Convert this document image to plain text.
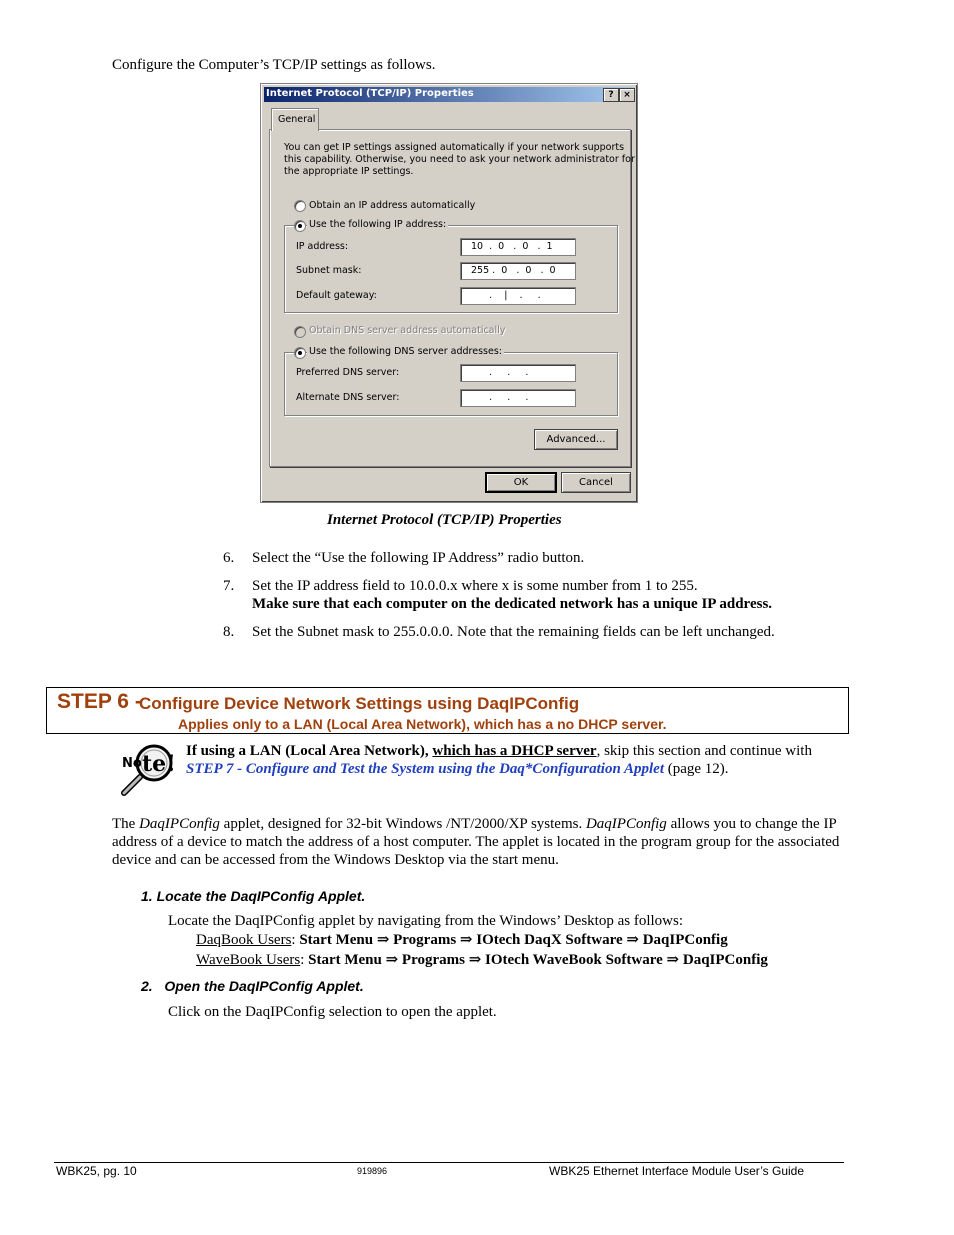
Configure the Computer’s TCP/IP settings as follows.
Internet Protocol (TCP/IP) Properties	?	×
General
You can get IP settings assigned automatically if your network supports
this capability. Otherwise, you need to ask your network administrator for
the appropriate IP settings.
Obtain an IP address automatically
Use the following IP address:
IP address:	10  .  0   .  0   .  1
Subnet mask:	255 .  0   .  0   .  0
Default gateway:	.    |    .     .
Obtain DNS server address automatically
Use the following DNS server addresses:
Preferred DNS server:	.     .     .
Alternate DNS server:	.     .     .
Advanced...
OK	Cancel
Internet Protocol (TCP/IP) Properties
6. Select the “Use the following IP Address” radio button.
7. Set the IP address field to 10.0.0.x where x is some number from 1 to 255.
Make sure that each computer on the dedicated network has a unique IP address.
8. Set the Subnet mask to 255.0.0.0. Note that the remaining fields can be left unchanged.
STEP 6 -
Configure Device Network Settings using DaqIPConfig
Applies only to a LAN (Local Area Network), which has a no DHCP server.
No te! If using a LAN (Local Area Network), which has a DHCP server, skip this section and continue with
STEP 7 - Configure and Test the System using the Daq*Configuration Applet (page 12).
The DaqIPConfig applet, designed for 32-bit Windows /NT/2000/XP systems. DaqIPConfig allows you to change the IP address of a device to match the address of a host computer. The applet is located in the program group for the associated device and can be accessed from the Windows Desktop via the start menu.
1. Locate the DaqIPConfig Applet.
Locate the DaqIPConfig applet by navigating from the Windows’ Desktop as follows:
DaqBook Users: Start Menu ⇒ Programs ⇒ IOtech DaqX Software ⇒ DaqIPConfig
WaveBook Users: Start Menu ⇒ Programs ⇒ IOtech WaveBook Software ⇒ DaqIPConfig
2. Open the DaqIPConfig Applet.
Click on the DaqIPConfig selection to open the applet.
WBK25, pg. 10	919896	WBK25 Ethernet Interface Module User’s Guide
